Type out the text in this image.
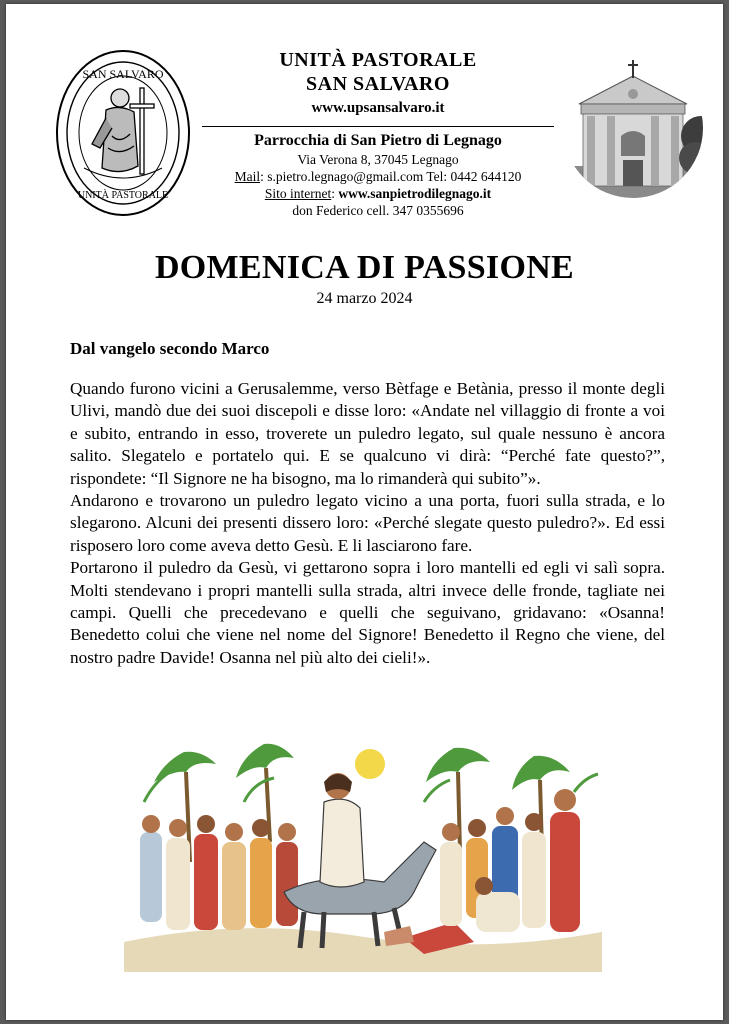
SAN SALVARO
UNITÀ PASTORALE
UNITÀ PASTORALE
SAN SALVARO
www.upsansalvaro.it
Parrocchia di San Pietro di Legnago
Via Verona 8, 37045 Legnago
Mail: s.pietro.legnago@gmail.com Tel: 0442 644120
Sito internet: www.sanpietrodilegnago.it
don Federico cell. 347 0355696
DOMENICA DI PASSIONE
24 marzo 2024
Dal vangelo secondo Marco

Quando furono vicini a Gerusalemme, verso Bètfage e Betània, presso il monte degli Ulivi, mandò due dei suoi discepoli e disse loro: «Andate nel villaggio di fronte a voi e subito, entrando in esso, troverete un puledro legato, sul quale nessuno è ancora salito. Slegatelo e portatelo qui. E se qualcuno vi dirà: “Perché fate questo?”, rispondete: “Il Signore ne ha bisogno, ma lo rimanderà qui subito”».

Andarono e trovarono un puledro legato vicino a una porta, fuori sulla strada, e lo slegarono. Alcuni dei presenti dissero loro: «Perché slegate questo puledro?». Ed essi risposero loro come aveva detto Gesù. E li lasciarono fare.

Portarono il puledro da Gesù, vi gettarono sopra i loro mantelli ed egli vi salì sopra. Molti stendevano i propri mantelli sulla strada, altri invece delle fronde, tagliate nei campi. Quelli che precedevano e quelli che seguivano, gridavano: «Osanna! Benedetto colui che viene nel nome del Signore! Benedetto il Regno che viene, del nostro padre Davide! Osanna nel più alto dei cieli!».
